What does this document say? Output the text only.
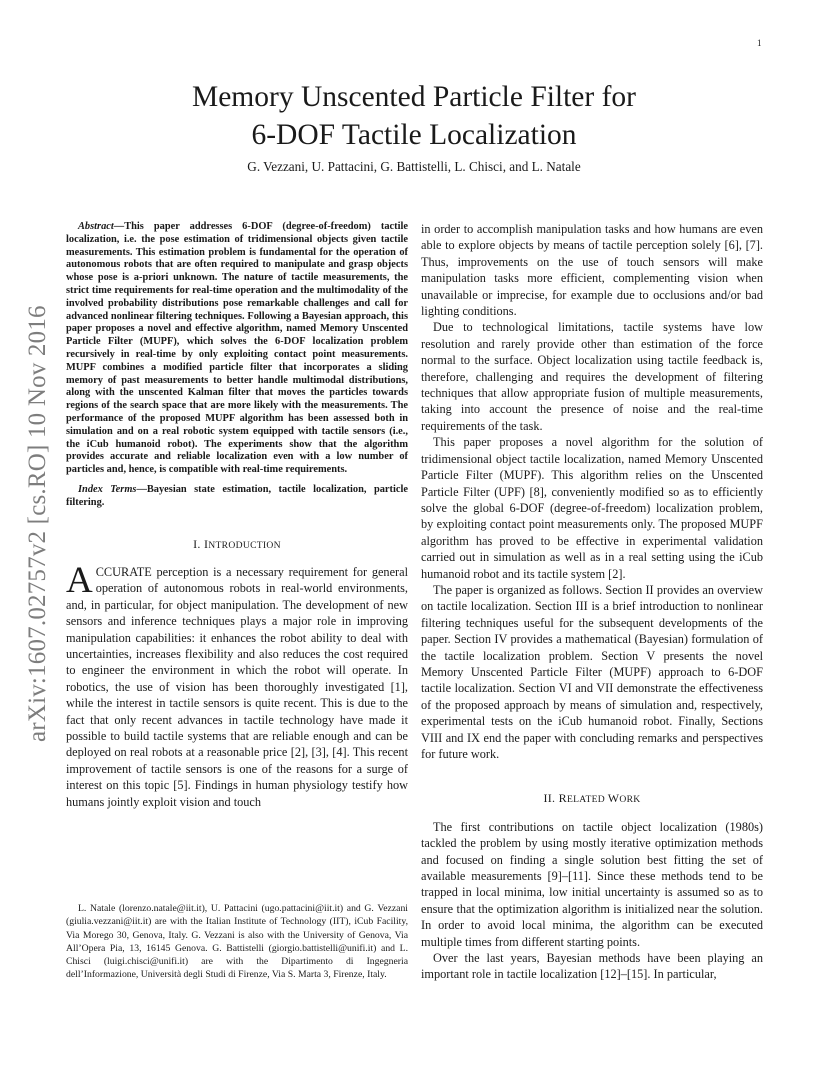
1
arXiv:1607.02757v2 [cs.RO] 10 Nov 2016
Memory Unscented Particle Filter for
6-DOF Tactile Localization
G. Vezzani, U. Pattacini, G. Battistelli, L. Chisci, and L. Natale

Abstract—This paper addresses 6-DOF (degree-of-freedom) tactile localization, i.e. the pose estimation of tridimensional objects given tactile measurements. This estimation problem is fundamental for the operation of autonomous robots that are often required to manipulate and grasp objects whose pose is a-priori unknown. The nature of tactile measurements, the strict time requirements for real-time operation and the multimodality of the involved probability distributions pose remarkable challenges and call for advanced nonlinear filtering techniques. Following a Bayesian approach, this paper proposes a novel and effective algorithm, named Memory Unscented Particle Filter (MUPF), which solves the 6-DOF localization problem recursively in real-time by only exploiting contact point measurements. MUPF combines a modified particle filter that incorporates a sliding memory of past measurements to better handle multimodal distributions, along with the unscented Kalman filter that moves the particles towards regions of the search space that are more likely with the measurements. The performance of the proposed MUPF algorithm has been assessed both in simulation and on a real robotic system equipped with tactile sensors (i.e., the iCub humanoid robot). The experiments show that the algorithm provides accurate and reliable localization even with a low number of particles and, hence, is compatible with real-time requirements.

Index Terms—Bayesian state estimation, tactile localization, particle filtering.

I. INTRODUCTION

ACCURATE perception is a necessary requirement for general operation of autonomous robots in real-world environments, and, in particular, for object manipulation. The development of new sensors and inference techniques plays a major role in improving manipulation capabilities: it enhances the robot ability to deal with uncertainties, increases flexibility and also reduces the cost required to engineer the environment in which the robot will operate. In robotics, the use of vision has been thoroughly investigated [1], while the interest in tactile sensors is quite recent. This is due to the fact that only recent advances in tactile technology have made it possible to build tactile systems that are reliable enough and can be deployed on real robots at a reasonable price [2], [3], [4]. This recent improvement of tactile sensors is one of the reasons for a surge of interest on this topic [5]. Findings in human physiology testify how humans jointly exploit vision and touch

L. Natale (lorenzo.natale@iit.it), U. Pattacini (ugo.pattacini@iit.it) and G. Vezzani (giulia.vezzani@iit.it) are with the Italian Institute of Technology (IIT), iCub Facility, Via Morego 30, Genova, Italy. G. Vezzani is also with the University of Genova, Via All’Opera Pia, 13, 16145 Genova. G. Battistelli (giorgio.battistelli@unifi.it) and L. Chisci (luigi.chisci@unifi.it) are with the Dipartimento di Ingegneria dell’Informazione, Università degli Studi di Firenze, Via S. Marta 3, Firenze, Italy.

in order to accomplish manipulation tasks and how humans are even able to explore objects by means of tactile perception solely [6], [7]. Thus, improvements on the use of touch sensors will make manipulation tasks more efficient, complementing vision when unavailable or imprecise, for example due to occlusions and/or bad lighting conditions.

Due to technological limitations, tactile systems have low resolution and rarely provide other than estimation of the force normal to the surface. Object localization using tactile feedback is, therefore, challenging and requires the development of filtering techniques that allow appropriate fusion of multiple measurements, taking into account the presence of noise and the real-time requirements of the task.

This paper proposes a novel algorithm for the solution of tridimensional object tactile localization, named Memory Unscented Particle Filter (MUPF). This algorithm relies on the Unscented Particle Filter (UPF) [8], conveniently modified so as to efficiently solve the global 6-DOF (degree-of-freedom) localization problem, by exploiting contact point measurements only. The proposed MUPF algorithm has proved to be effective in experimental validation carried out in simulation as well as in a real setting using the iCub humanoid robot and its tactile system [2].

The paper is organized as follows. Section II provides an overview on tactile localization. Section III is a brief introduction to nonlinear filtering techniques useful for the subsequent developments of the paper. Section IV provides a mathematical (Bayesian) formulation of the tactile localization problem. Section V presents the novel Memory Unscented Particle Filter (MUPF) approach to 6-DOF tactile localization. Section VI and VII demonstrate the effectiveness of the proposed approach by means of simulation and, respectively, experimental tests on the iCub humanoid robot. Finally, Sections VIII and IX end the paper with concluding remarks and perspectives for future work.

II. RELATED WORK

The first contributions on tactile object localization (1980s) tackled the problem by using mostly iterative optimization methods and focused on finding a single solution best fitting the set of available measurements [9]–[11]. Since these methods tend to be trapped in local minima, low initial uncertainty is assumed so as to ensure that the optimization algorithm is initialized near the solution. In order to avoid local minima, the algorithm can be executed multiple times from different starting points.

Over the last years, Bayesian methods have been playing an important role in tactile localization [12]–[15]. In particular,
